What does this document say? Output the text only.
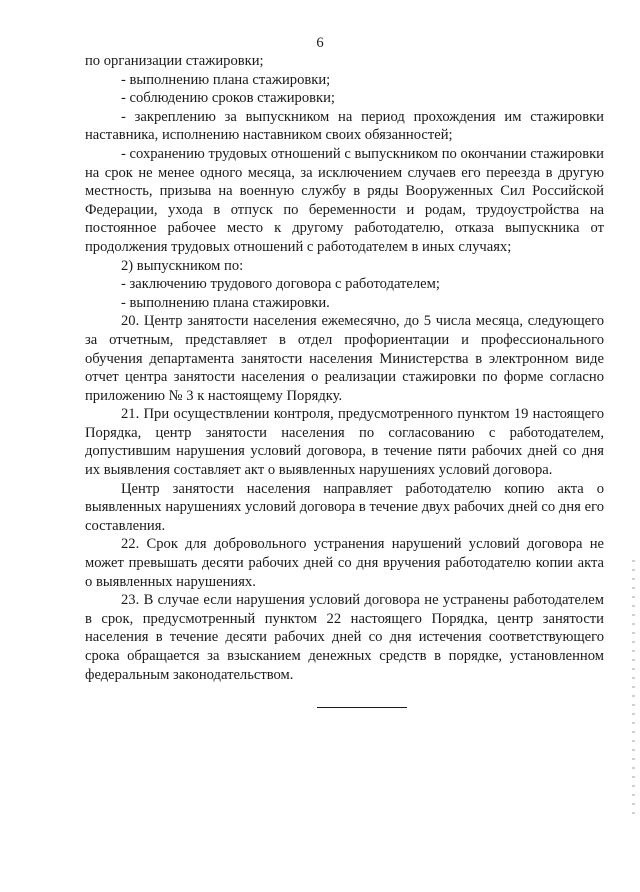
6

по организации стажировки;

- выполнению плана стажировки;

- соблюдению сроков стажировки;

- закреплению за выпускником на период прохождения им стажировки наставника, исполнению наставником своих обязанностей;

- сохранению трудовых отношений с выпускником по окончании стажировки на срок не менее одного месяца, за исключением случаев его переезда в другую местность, призыва на военную службу в ряды Вооруженных Сил Российской Федерации, ухода в отпуск по беременности и родам, трудоустройства на постоянное рабочее место к другому работодателю, отказа выпускника от продолжения трудовых отношений с работодателем в иных случаях;

2) выпускником по:

- заключению трудового договора с работодателем;

- выполнению плана стажировки.

20. Центр занятости населения ежемесячно, до 5 числа месяца, следующего за отчетным, представляет в отдел профориентации и профессионального обучения департамента занятости населения Министерства в электронном виде отчет центра занятости населения о реализации стажировки по форме согласно приложению № 3 к настоящему Порядку.

21. При осуществлении контроля, предусмотренного пунктом 19 настоящего Порядка, центр занятости населения по согласованию с работодателем, допустившим нарушения условий договора, в течение пяти рабочих дней со дня их выявления составляет акт о выявленных нарушениях условий договора.

Центр занятости населения направляет работодателю копию акта о выявленных нарушениях условий договора в течение двух рабочих дней со дня его составления.

22. Срок для добровольного устранения нарушений условий договора не может превышать десяти рабочих дней со дня вручения работодателю копии акта о выявленных нарушениях.

23. В случае если нарушения условий договора не устранены работодателем в срок, предусмотренный пунктом 22 настоящего Порядка, центр занятости населения в течение десяти рабочих дней со дня истечения соответствующего срока обращается за взысканием денежных средств в порядке, установленном федеральным законодательством.
